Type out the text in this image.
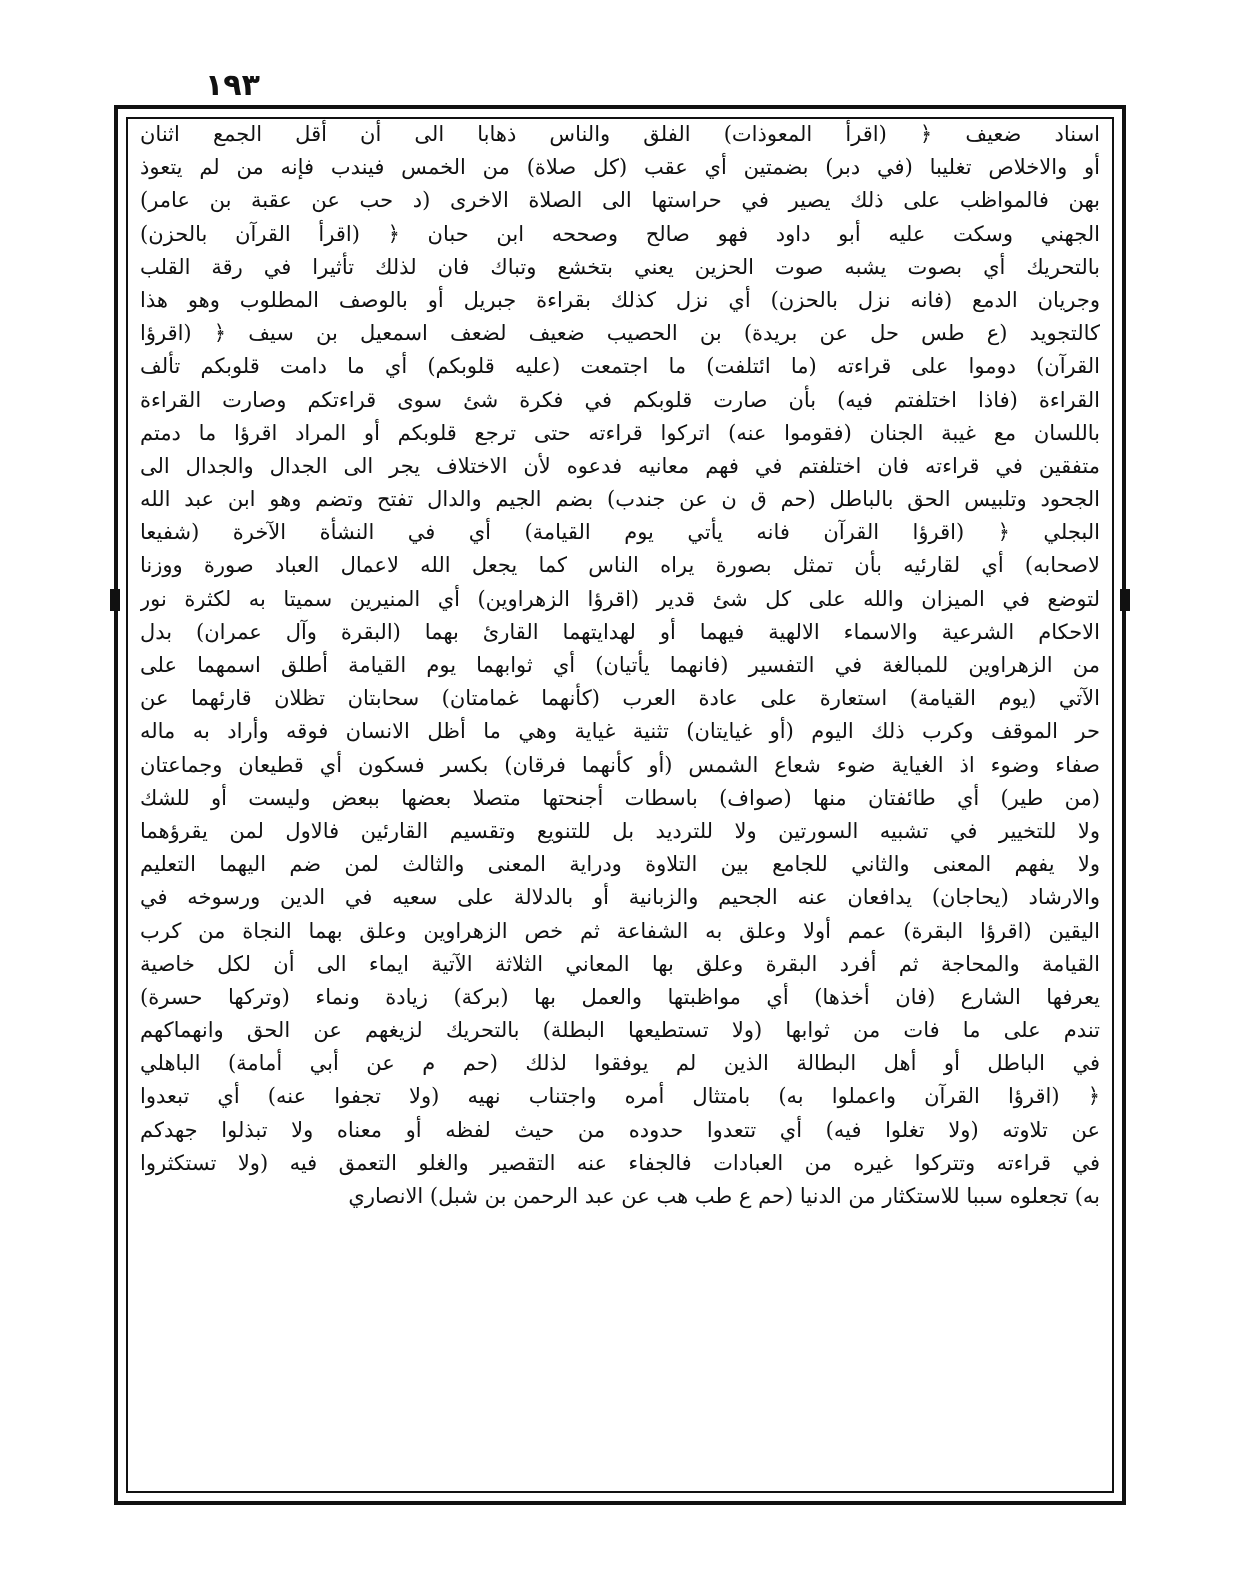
١٩٣
اسناد ضعيف ﴿ (اقرأ المعوذات) الفلق والناس ذهابا الى أن أقل الجمع اثنان
أو والاخلاص تغليبا (في دبر) بضمتين أي عقب (كل صلاة) من الخمس فيندب فإنه من لم يتعوذ
بهن فالمواظب على ذلك يصير في حراستها الى الصلاة الاخرى (د حب عن عقبة بن عامر)
الجهني وسكت عليه أبو داود فهو صالح وصححه ابن حبان ﴿ (اقرأ القرآن بالحزن)
بالتحريك أي بصوت يشبه صوت الحزين يعني بتخشع وتباك فان لذلك تأثيرا في رقة القلب
وجريان الدمع (فانه نزل بالحزن) أي نزل كذلك بقراءة جبريل أو بالوصف المطلوب وهو هذا
كالتجويد (ع طس حل عن بريدة) بن الحصيب ضعيف لضعف اسمعيل بن سيف ﴿ (اقرؤا
القرآن) دوموا على قراءته (ما ائتلفت) ما اجتمعت (عليه قلوبكم) أي ما دامت قلوبكم تألف
القراءة (فاذا اختلفتم فيه) بأن صارت قلوبكم في فكرة شئ سوى قراءتكم وصارت القراءة
باللسان مع غيبة الجنان (فقوموا عنه) اتركوا قراءته حتى ترجع قلوبكم أو المراد اقرؤا ما دمتم
متفقين في قراءته فان اختلفتم في فهم معانيه فدعوه لأن الاختلاف يجر الى الجدال والجدال الى
الجحود وتلبيس الحق بالباطل (حم ق ن عن جندب) بضم الجيم والدال تفتح وتضم وهو ابن عبد الله
البجلي ﴿ (اقرؤا القرآن فانه يأتي يوم القيامة) أي في النشأة الآخرة (شفيعا
لاصحابه) أي لقارئيه بأن تمثل بصورة يراه الناس كما يجعل الله لاعمال العباد صورة ووزنا
لتوضع في الميزان والله على كل شئ قدير (اقرؤا الزهراوين) أي المنيرين سميتا به لكثرة نور
الاحكام الشرعية والاسماء الالهية فيهما أو لهدايتهما القارئ بهما (البقرة وآل عمران) بدل
من الزهراوين للمبالغة في التفسير (فانهما يأتيان) أي ثوابهما يوم القيامة أطلق اسمهما على
الآتي (يوم القيامة) استعارة على عادة العرب (كأنهما غمامتان) سحابتان تظلان قارئهما عن
حر الموقف وكرب ذلك اليوم (أو غيايتان) تثنية غياية وهي ما أظل الانسان فوقه وأراد به ماله
صفاء وضوء اذ الغياية ضوء شعاع الشمس (أو كأنهما فرقان) بكسر فسكون أي قطيعان وجماعتان
(من طير) أي طائفتان منها (صواف) باسطات أجنحتها متصلا بعضها ببعض وليست أو للشك
ولا للتخيير في تشبيه السورتين ولا للترديد بل للتنويع وتقسيم القارئين فالاول لمن يقرؤهما
ولا يفهم المعنى والثاني للجامع بين التلاوة ودراية المعنى والثالث لمن ضم اليهما التعليم
والارشاد (يحاجان) يدافعان عنه الجحيم والزبانية أو بالدلالة على سعيه في الدين ورسوخه في
اليقين (اقرؤا البقرة) عمم أولا وعلق به الشفاعة ثم خص الزهراوين وعلق بهما النجاة من كرب
القيامة والمحاجة ثم أفرد البقرة وعلق بها المعاني الثلاثة الآتية ايماء الى أن لكل خاصية
يعرفها الشارع (فان أخذها) أي مواظبتها والعمل بها (بركة) زيادة ونماء (وتركها حسرة)
تندم على ما فات من ثوابها (ولا تستطيعها البطلة) بالتحريك لزيغهم عن الحق وانهماكهم
في الباطل أو أهل البطالة الذين لم يوفقوا لذلك (حم م عن أبي أمامة) الباهلي
﴿ (اقرؤا القرآن واعملوا به) بامتثال أمره واجتناب نهيه (ولا تجفوا عنه) أي تبعدوا
عن تلاوته (ولا تغلوا فيه) أي تتعدوا حدوده من حيث لفظه أو معناه ولا تبذلوا جهدكم
في قراءته وتتركوا غيره من العبادات فالجفاء عنه التقصير والغلو التعمق فيه (ولا تستكثروا
به) تجعلوه سببا للاستكثار من الدنيا (حم ع طب هب عن عبد الرحمن بن شبل) الانصاري
